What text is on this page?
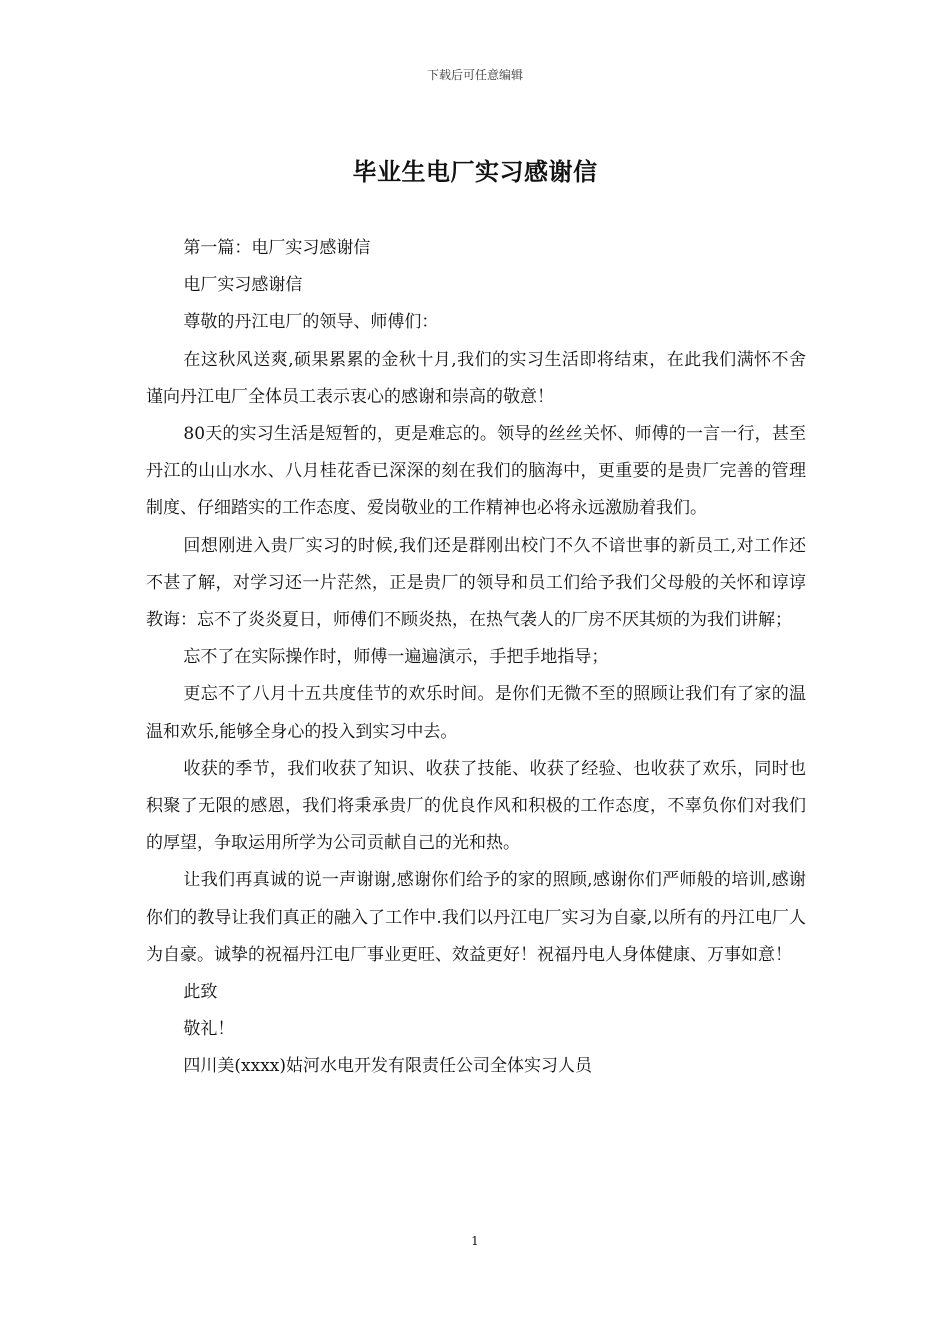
下载后可任意编辑
毕业生电厂实习感谢信

第一篇：电厂实习感谢信

电厂实习感谢信

尊敬的丹江电厂的领导、师傅们：

在这秋风送爽,硕果累累的金秋十月,我们的实习生活即将结束，在此我们满怀不舍谨向丹江电厂全体员工表示衷心的感谢和崇高的敬意！

80天的实习生活是短暂的，更是难忘的。领导的丝丝关怀、师傅的一言一行，甚至丹江的山山水水、八月桂花香已深深的刻在我们的脑海中，更重要的是贵厂完善的管理制度、仔细踏实的工作态度、爱岗敬业的工作精神也必将永远激励着我们。

回想刚进入贵厂实习的时候,我们还是群刚出校门不久不谙世事的新员工,对工作还不甚了解，对学习还一片茫然，正是贵厂的领导和员工们给予我们父母般的关怀和谆谆教诲：忘不了炎炎夏日，师傅们不顾炎热，在热气袭人的厂房不厌其烦的为我们讲解；

忘不了在实际操作时，师傅一遍遍演示，手把手地指导；

更忘不了八月十五共度佳节的欢乐时间。是你们无微不至的照顾让我们有了家的温温和欢乐,能够全身心的投入到实习中去。

收获的季节，我们收获了知识、收获了技能、收获了经验、也收获了欢乐，同时也积聚了无限的感恩，我们将秉承贵厂的优良作风和积极的工作态度，不辜负你们对我们的厚望，争取运用所学为公司贡献自己的光和热。

让我们再真诚的说一声谢谢,感谢你们给予的家的照顾,感谢你们严师般的培训,感谢你们的教导让我们真正的融入了工作中.我们以丹江电厂实习为自豪,以所有的丹江电厂人为自豪。诚挚的祝福丹江电厂事业更旺、效益更好！祝福丹电人身体健康、万事如意！

此致

敬礼！

四川美(xxxx)姑河水电开发有限责任公司全体实习人员

1
